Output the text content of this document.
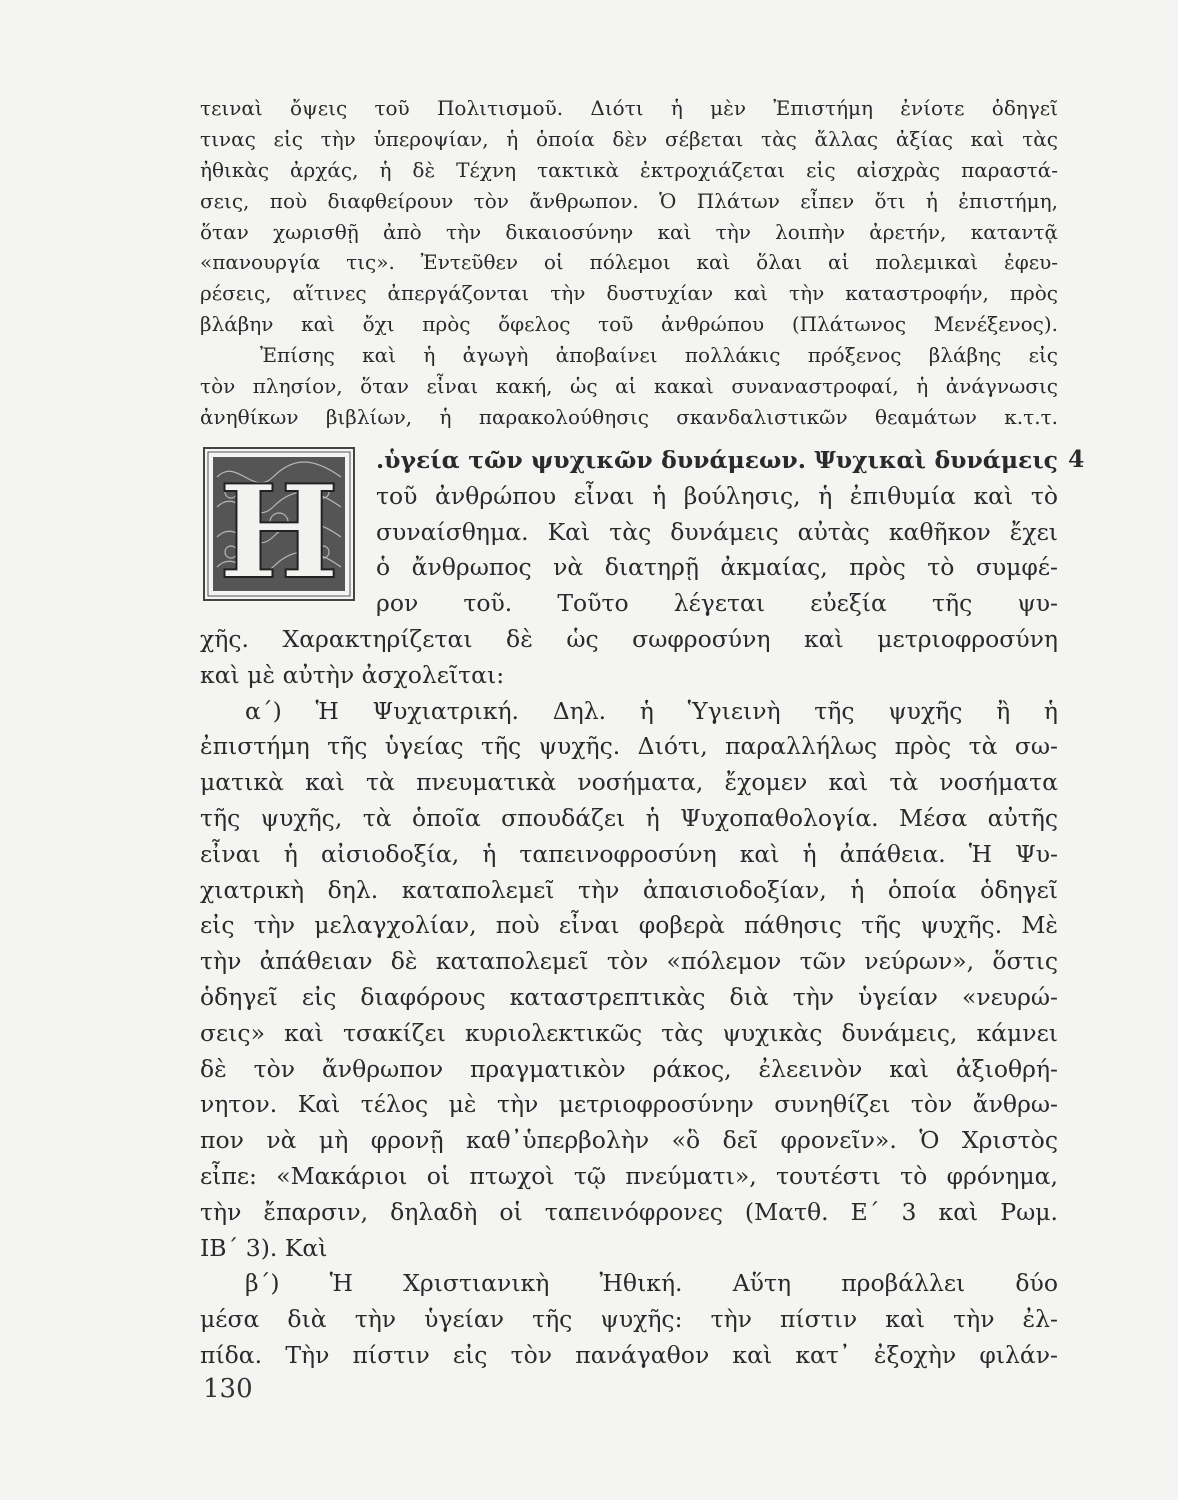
τειναὶ ὄψεις τοῦ Πολιτισμοῦ. Διότι ἡ μὲν Ἐπιστήμη ἐνίοτε ὁδηγεῖ
τινας εἰς τὴν ὑπεροψίαν, ἡ ὁποία δὲν σέβεται τὰς ἄλλας ἀξίας καὶ τὰς
ἠθικὰς ἀρχάς, ἡ δὲ Τέχνη τακτικὰ ἐκτροχιάζεται εἰς αἰσχρὰς παραστά-
σεις, ποὺ διαφθείρουν τὸν ἄνθρωπον. Ὁ Πλάτων εἶπεν ὅτι ἡ ἐπιστήμη,
ὅταν χωρισθῇ ἀπὸ τὴν δικαιοσύνην καὶ τὴν λοιπὴν ἀρετήν, καταντᾷ
«πανουργία τις». Ἐντεῦθεν οἱ πόλεμοι καὶ ὅλαι αἱ πολεμικαὶ ἐφευ-
ρέσεις, αἵτινες ἀπεργάζονται τὴν δυστυχίαν καὶ τὴν καταστροφήν, πρὸς
βλάβην καὶ ὄχι πρὸς ὄφελος τοῦ ἀνθρώπου (Πλάτωνος Μενέξενος).
Ἐπίσης καὶ ἡ ἀγωγὴ ἀποβαίνει πολλάκις πρόξενος βλάβης εἰς
τὸν πλησίον, ὅταν εἶναι κακή, ὡς αἱ κακαὶ συναναστροφαί, ἡ ἀνάγνωσις
ἀνηθίκων βιβλίων, ἡ παρακολούθησις σκανδαλιστικῶν θεαμάτων κ.τ.τ.
Η	4
.ὑγεία τῶν ψυχικῶν δυνάμεων. Ψυχικαὶ δυνάμεις
τοῦ ἀνθρώπου εἶναι ἡ βούλησις, ἡ ἐπιθυμία καὶ τὸ
συναίσθημα. Καὶ τὰς δυνάμεις αὐτὰς καθῆκον ἔχει
ὁ ἄνθρωπος νὰ διατηρῇ ἀκμαίας, πρὸς τὸ συμφέ-
ρον τοῦ. Τοῦτο λέγεται εὐεξία τῆς ψυ-
χῆς. Χαρακτηρίζεται δὲ ὡς σωφροσύνη καὶ μετριοφροσύνη
καὶ μὲ αὐτὴν ἀσχολεῖται:
α΄) Ἡ Ψυχιατρική. Δηλ. ἡ Ὑγιεινὴ τῆς ψυχῆς ἢ ἡ
ἐπιστήμη τῆς ὑγείας τῆς ψυχῆς. Διότι, παραλλήλως πρὸς τὰ σω-
ματικὰ καὶ τὰ πνευματικὰ νοσήματα, ἔχομεν καὶ τὰ νοσήματα
τῆς ψυχῆς, τὰ ὁποῖα σπουδάζει ἡ Ψυχοπαθολογία. Μέσα αὐτῆς
εἶναι ἡ αἰσιοδοξία, ἡ ταπεινοφροσύνη καὶ ἡ ἀπάθεια. Ἡ Ψυ-
χιατρικὴ δηλ. καταπολεμεῖ τὴν ἀπαισιοδοξίαν, ἡ ὁποία ὁδηγεῖ
εἰς τὴν μελαγχολίαν, ποὺ εἶναι φοβερὰ πάθησις τῆς ψυχῆς. Μὲ
τὴν ἀπάθειαν δὲ καταπολεμεῖ τὸν «πόλεμον τῶν νεύρων», ὅστις
ὁδηγεῖ εἰς διαφόρους καταστρεπτικὰς διὰ τὴν ὑγείαν «νευρώ-
σεις» καὶ τσακίζει κυριολεκτικῶς τὰς ψυχικὰς δυνάμεις, κάμνει
δὲ τὸν ἄνθρωπον πραγματικὸν ράκος, ἐλεεινὸν καὶ ἀξιοθρή-
νητον. Καὶ τέλος μὲ τὴν μετριοφροσύνην συνηθίζει τὸν ἄνθρω-
πον νὰ μὴ φρονῇ καθ᾽ὑπερβολὴν «ὃ δεῖ φρονεῖν». Ὁ Χριστὸς
εἶπε: «Μακάριοι οἱ πτωχοὶ τῷ πνεύματι», τουτέστι τὸ φρόνημα,
τὴν ἔπαρσιν, δηλαδὴ οἱ ταπεινόφρονες (Ματθ. Ε΄ 3 καὶ Ρωμ.
ΙΒ΄ 3). Καὶ
β΄) Ἡ Χριστιανικὴ Ἠθική. Αὕτη προβάλλει δύο
μέσα διὰ τὴν ὑγείαν τῆς ψυχῆς: τὴν πίστιν καὶ τὴν ἐλ-
πίδα. Τὴν πίστιν εἰς τὸν πανάγαθον καὶ κατ᾽ ἐξοχὴν φιλάν-
130
